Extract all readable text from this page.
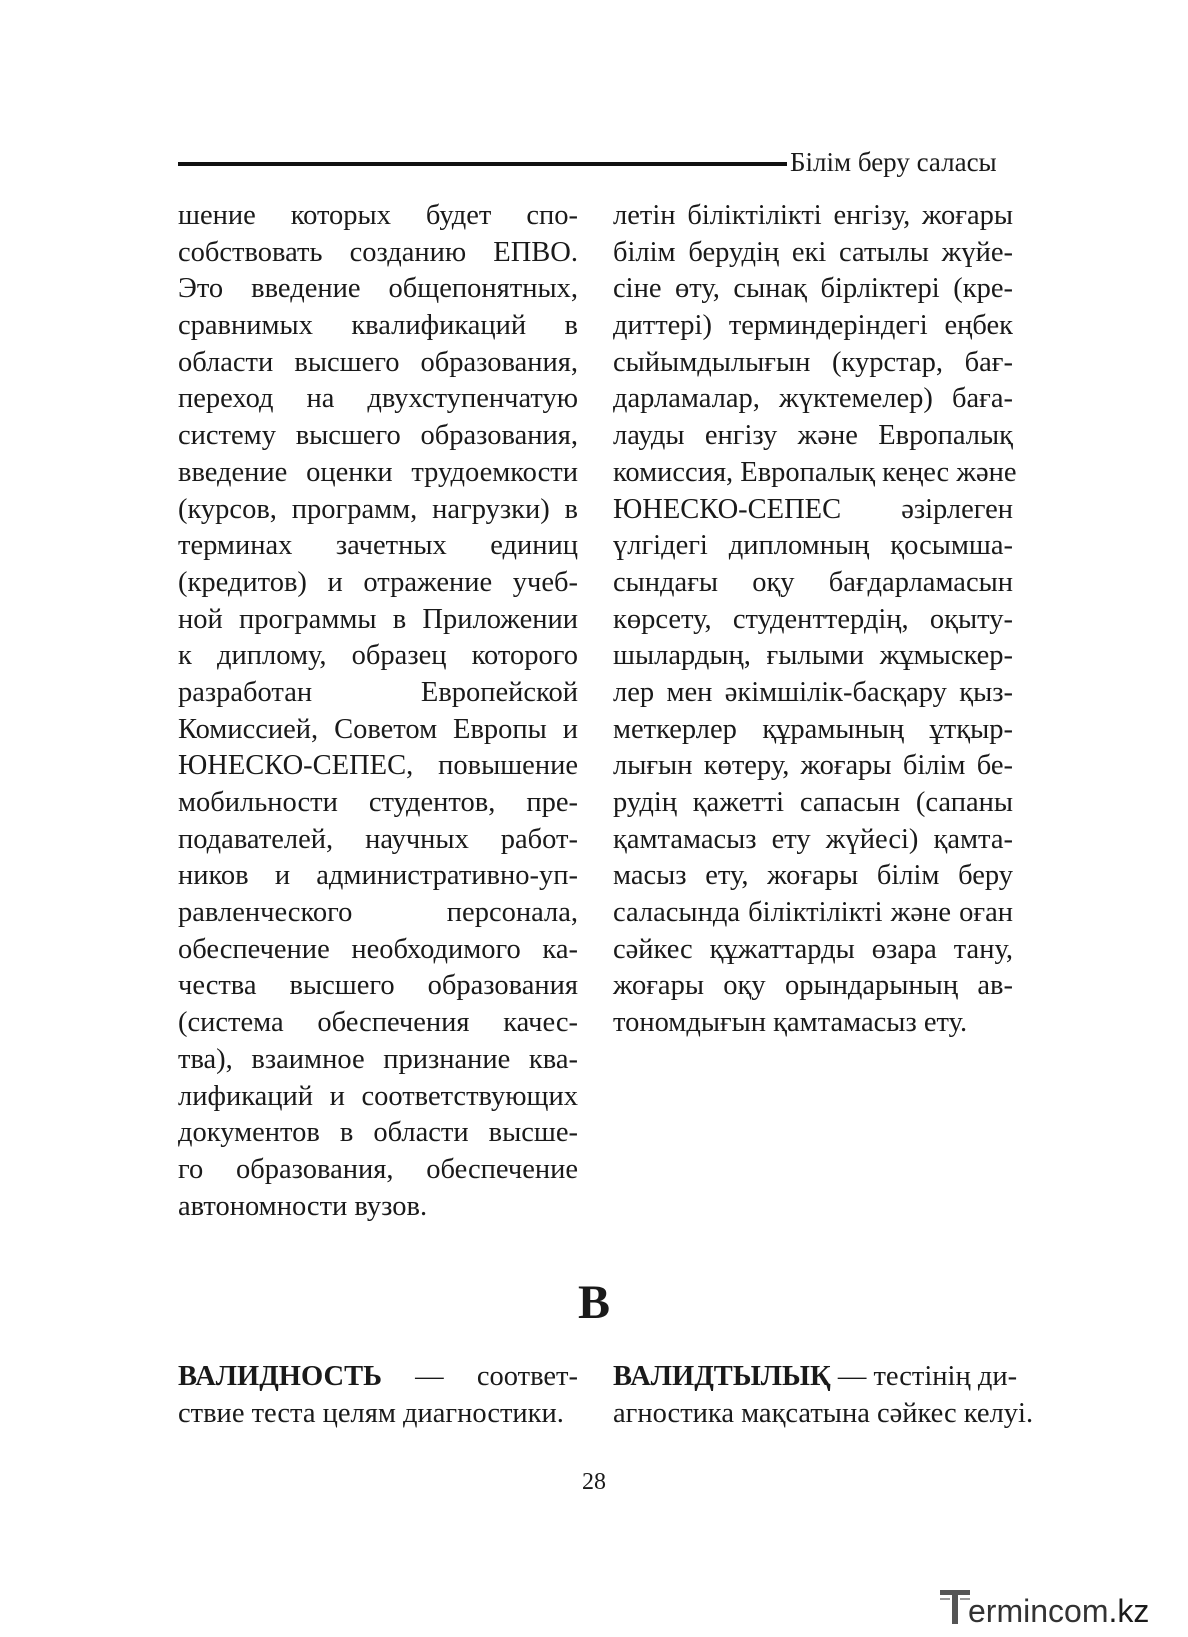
Білім беру саласы
шение которых будет спо-
собствовать созданию ЕПВО.
Это введение общепонятных,
сравнимых квалификаций в
области высшего образования,
переход на двухступенчатую
систему высшего образования,
введение оценки трудоемкости
(курсов, программ, нагрузки) в
терминах зачетных единиц
(кредитов) и отражение учеб-
ной программы в Приложении
к диплому, образец которого
разработан Европейской
Комиссией, Советом Европы и
ЮНЕСКО-СЕПЕС, повышение
мобильности студентов, пре-
подавателей, научных работ-
ников и административно-уп-
равленческого персонала,
обеспечение необходимого ка-
чества высшего образования
(система обеспечения качес-
тва), взаимное признание ква-
лификаций и соответствующих
документов в области высше-
го образования, обеспечение
автономности вузов.
летін біліктілікті енгізу, жоғары
білім берудің екі сатылы жүйе-
сіне өту, сынақ бірліктері (кре-
диттері) терминдеріндегі еңбек
сыйымдылығын (курстар, бағ-
дарламалар, жүктемелер) баға-
лауды енгізу және Европалық
комиссия, Европалық кеңес және
ЮНЕСКО-СЕПЕС әзірлеген
үлгідегі дипломның қосымша-
сындағы оқу бағдарламасын
көрсету, студенттердің, оқыту-
шылардың, ғылыми жұмыскер-
лер мен әкімшілік-басқару қыз-
меткерлер құрамының ұтқыр-
лығын көтеру, жоғары білім бе-
рудің қажетті сапасын (сапаны
қамтамасыз ету жүйесі) қамта-
масыз ету, жоғары білім беру
саласында біліктілікті және оған
сәйкес құжаттарды өзара тану,
жоғары оқу орындарының ав-
тономдығын қамтамасыз ету.
В
ВАЛИДНОСТЬ — соответ-
ствие теста целям диагностики.
ВАЛИДТЫЛЫҚ — тестінің ди-
агностика мақсатына сәйкес келуі.
28
ermincom.kz
